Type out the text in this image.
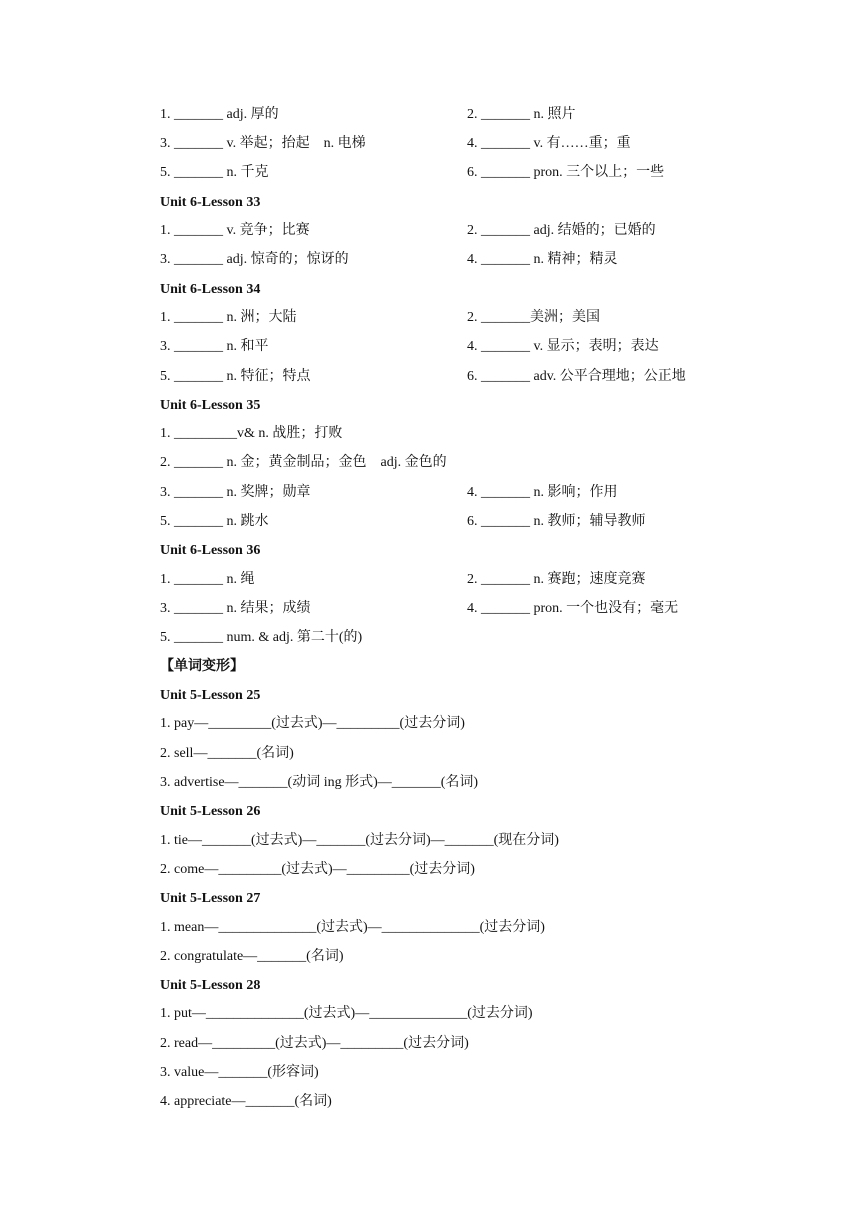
1. _______ adj. 厚的	2. _______ n. 照片
3. _______ v. 举起；抬起　n. 电梯	4. _______ v. 有……重；重
5. _______ n. 千克	6. _______ pron. 三个以上；一些
Unit 6-Lesson 33
1. _______ v. 竞争；比赛	2. _______ adj. 结婚的；已婚的
3. _______ adj. 惊奇的；惊讶的	4. _______ n. 精神；精灵
Unit 6-Lesson 34
1. _______ n. 洲；大陆	2. _______美洲；美国
3. _______ n. 和平	4. _______ v. 显示；表明；表达
5. _______ n. 特征；特点	6. _______ adv. 公平合理地；公正地
Unit 6-Lesson 35
1. _________v& n. 战胜；打败
2. _______ n. 金；黄金制品；金色　adj. 金色的
3. _______ n. 奖牌；勋章	4. _______ n. 影响；作用
5. _______ n. 跳水	6. _______ n. 教师；辅导教师
Unit 6-Lesson 36
1. _______ n. 绳	2. _______ n. 赛跑；速度竞赛
3. _______ n. 结果；成绩	4. _______ pron. 一个也没有；毫无
5. _______ num. & adj. 第二十(的)
【单词变形】
Unit 5-Lesson 25
1. pay—_________(过去式)—_________(过去分词)
2. sell—_______(名词)
3. advertise—_______(动词 ing 形式)—_______(名词)
Unit 5-Lesson 26
1. tie—_______(过去式)—_______(过去分词)—_______(现在分词)
2. come—_________(过去式)—_________(过去分词)
Unit 5-Lesson 27
1. mean—______________(过去式)—______________(过去分词)
2. congratulate—_______(名词)
Unit 5-Lesson 28
1. put—______________(过去式)—______________(过去分词)
2. read—_________(过去式)—_________(过去分词)
3. value—_______(形容词)
4. appreciate—_______(名词)
